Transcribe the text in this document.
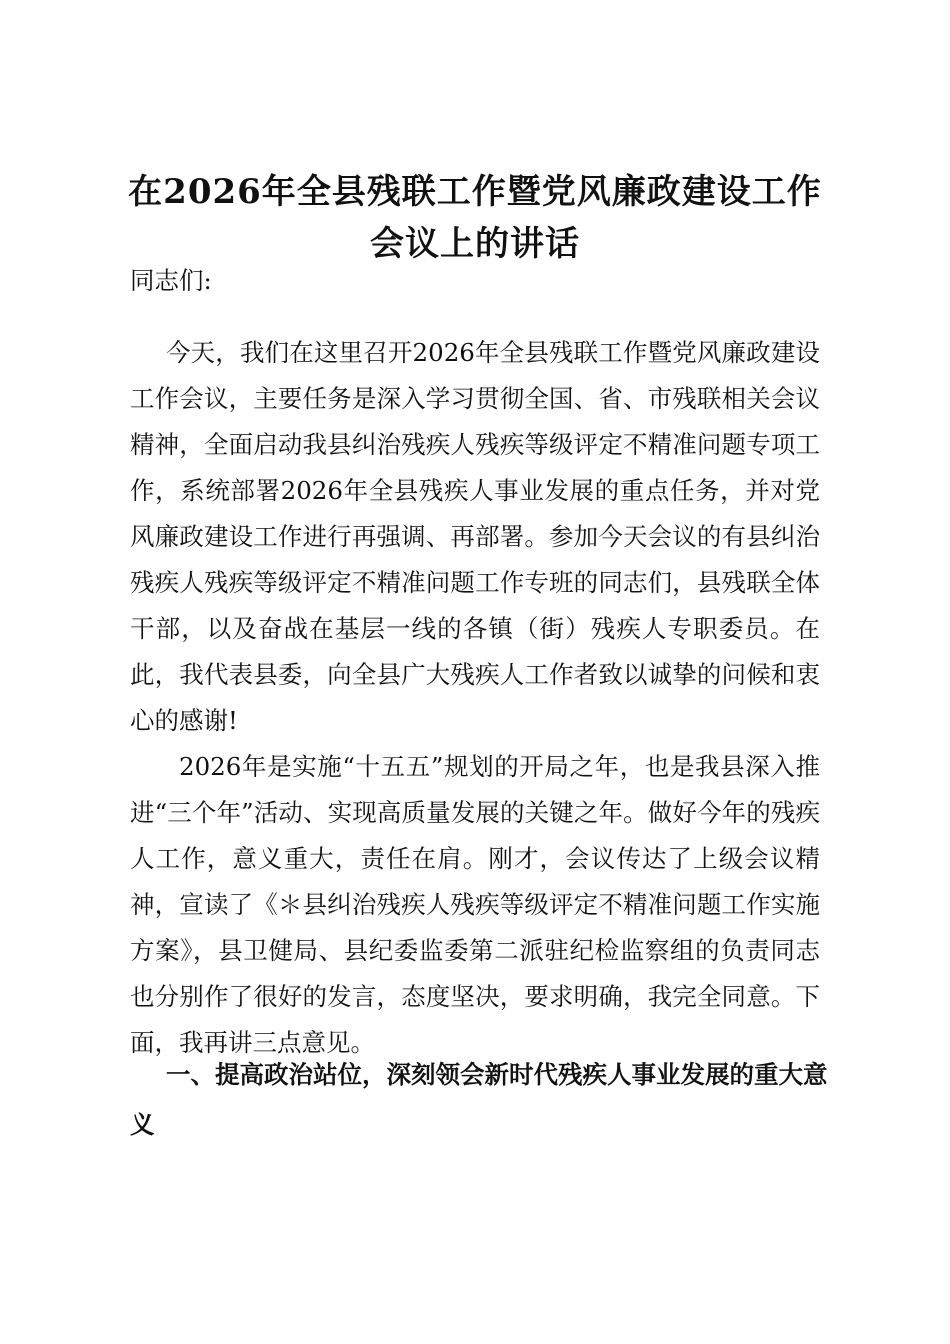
在2026年全县残联工作暨党风廉政建设工作
会议上的讲话

同志们:

今天，我们在这里召开2026年全县残联工作暨党风廉政建设工作会议，主要任务是深入学习贯彻全国、省、市残联相关会议精神，全面启动我县纠治残疾人残疾等级评定不精准问题专项工作，系统部署2026年全县残疾人事业发展的重点任务，并对党风廉政建设工作进行再强调、再部署。参加今天会议的有县纠治残疾人残疾等级评定不精准问题工作专班的同志们，县残联全体干部，以及奋战在基层一线的各镇（街）残疾人专职委员。在此，我代表县委，向全县广大残疾人工作者致以诚挚的问候和衷心的感谢!

2026年是实施“十五五”规划的开局之年，也是我县深入推进“三个年”活动、实现高质量发展的关键之年。做好今年的残疾人工作，意义重大，责任在肩。刚才，会议传达了上级会议精神，宣读了《＊县纠治残疾人残疾等级评定不精准问题工作实施方案》，县卫健局、县纪委监委第二派驻纪检监察组的负责同志也分别作了很好的发言，态度坚决，要求明确，我完全同意。下面，我再讲三点意见。

一、提高政治站位，深刻领会新时代残疾人事业发展的重大意义
